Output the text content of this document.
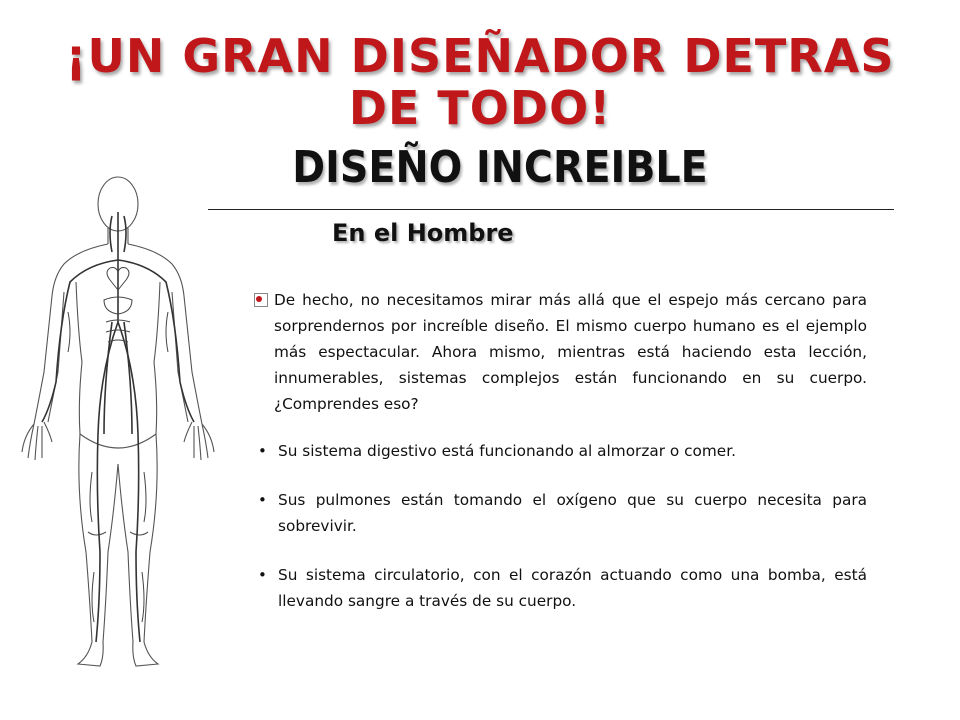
¡UN GRAN DISEÑADOR DETRAS DE TODO!
DISEÑO INCREIBLE
En el Hombre
De hecho, no necesitamos mirar más allá que el espejo más cercano para sorprendernos por increíble diseño. El mismo cuerpo humano es el ejemplo más espectacular. Ahora mismo, mientras está haciendo esta lección, innumerables, sistemas complejos están funcionando en su cuerpo. ¿Comprendes eso?
• Su sistema digestivo está funcionando al almorzar o comer.
• Sus pulmones están tomando el oxígeno que su cuerpo necesita para sobrevivir.
• Su sistema circulatorio, con el corazón actuando como una bomba, está llevando sangre a través de su cuerpo.
